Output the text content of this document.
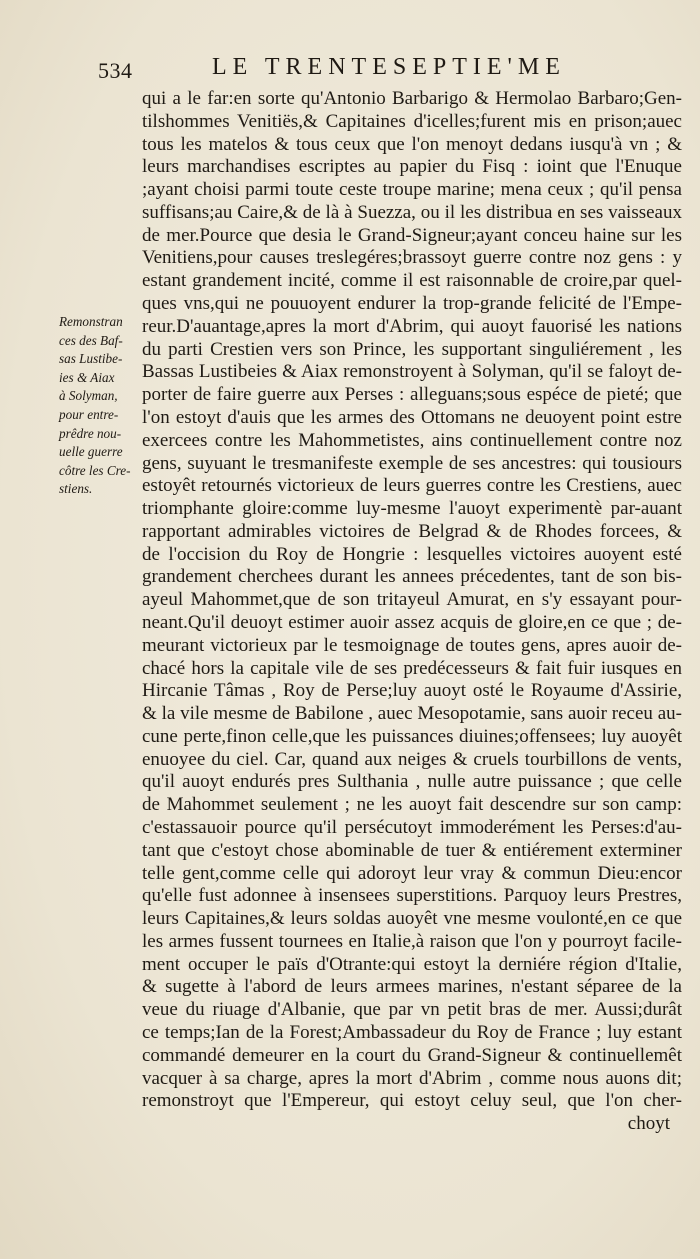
534	LE TRENTESEPTIE'ME
Remonstran
ces des Baf-
sas Lustibe-
ies & Aiax
à Solyman,
pour entre-
prêdre nou-
uelle guerre
côtre les Cre-
stiens.
qui a le far:en sorte qu'Antonio Barbarigo & Hermolao Barbaro;Gen-
tilshommes Venitiës,& Capitaines d'icelles;furent mis en prison;auec
tous les matelos & tous ceux que l'on menoyt dedans iusqu'à vn ; &
leurs marchandises escriptes au papier du Fisq : ioint que l'Enuque
;ayant choisi parmi toute ceste troupe marine; mena ceux ; qu'il pensa
suffisans;au Caire,& de là à Suezza, ou il les distribua en ses vaisseaux
de mer.Pource que desia le Grand-Signeur;ayant conceu haine sur les
Venitiens,pour causes treslegéres;brassoyt guerre contre noz gens : y
estant grandement incité, comme il est raisonnable de croire,par quel-
ques vns,qui ne pouuoyent endurer la trop-grande felicité de l'Empe-
reur.D'auantage,apres la mort d'Abrim, qui auoyt fauorisé les nations
du parti Crestien vers son Prince, les supportant singuliérement , les
Bassas Lustibeies & Aiax remonstroyent à Solyman, qu'il se faloyt de-
porter de faire guerre aux Perses : alleguans;sous espéce de pieté; que
l'on estoyt d'auis que les armes des Ottomans ne deuoyent point estre
exercees contre les Mahommetistes, ains continuellement contre noz
gens, suyuant le tresmanifeste exemple de ses ancestres: qui tousiours
estoyêt retournés victorieux de leurs guerres contre les Crestiens, auec
triomphante gloire:comme luy-mesme l'auoyt experimentè par-auant
rapportant admirables victoires de Belgrad & de Rhodes forcees, &
de l'occision du Roy de Hongrie : lesquelles victoires auoyent esté
grandement cherchees durant les annees précedentes, tant de son bis-
ayeul Mahommet,que de son tritayeul Amurat, en s'y essayant pour-
neant.Qu'il deuoyt estimer auoir assez acquis de gloire,en ce que ; de-
meurant victorieux par le tesmoignage de toutes gens, apres auoir de-
chacé hors la capitale vile de ses predécesseurs & fait fuir iusques en
Hircanie Tâmas , Roy de Perse;luy auoyt osté le Royaume d'Assirie,
& la vile mesme de Babilone , auec Mesopotamie, sans auoir receu au-
cune perte,finon celle,que les puissances diuines;offensees; luy auoyêt
enuoyee du ciel. Car, quand aux neiges & cruels tourbillons de vents,
qu'il auoyt endurés pres Sulthania , nulle autre puissance ; que celle
de Mahommet seulement ; ne les auoyt fait descendre sur son camp:
c'estassauoir pource qu'il persécutoyt immoderément les Perses:d'au-
tant que c'estoyt chose abominable de tuer & entiérement exterminer
telle gent,comme celle qui adoroyt leur vray & commun Dieu:encor
qu'elle fust adonnee à insensees superstitions. Parquoy leurs Prestres,
leurs Capitaines,& leurs soldas auoyêt vne mesme voulonté,en ce que
les armes fussent tournees en Italie,à raison que l'on y pourroyt facile-
ment occuper le païs d'Otrante:qui estoyt la derniére région d'Italie,
& sugette à l'abord de leurs armees marines, n'estant séparee de la
veue du riuage d'Albanie, que par vn petit bras de mer. Aussi;durât
ce temps;Ian de la Forest;Ambassadeur du Roy de France ; luy estant
commandé demeurer en la court du Grand-Signeur & continuellemêt
vacquer à sa charge, apres la mort d'Abrim , comme nous auons dit;
remonstroyt que l'Empereur, qui estoyt celuy seul, que l'on cher-
choyt
